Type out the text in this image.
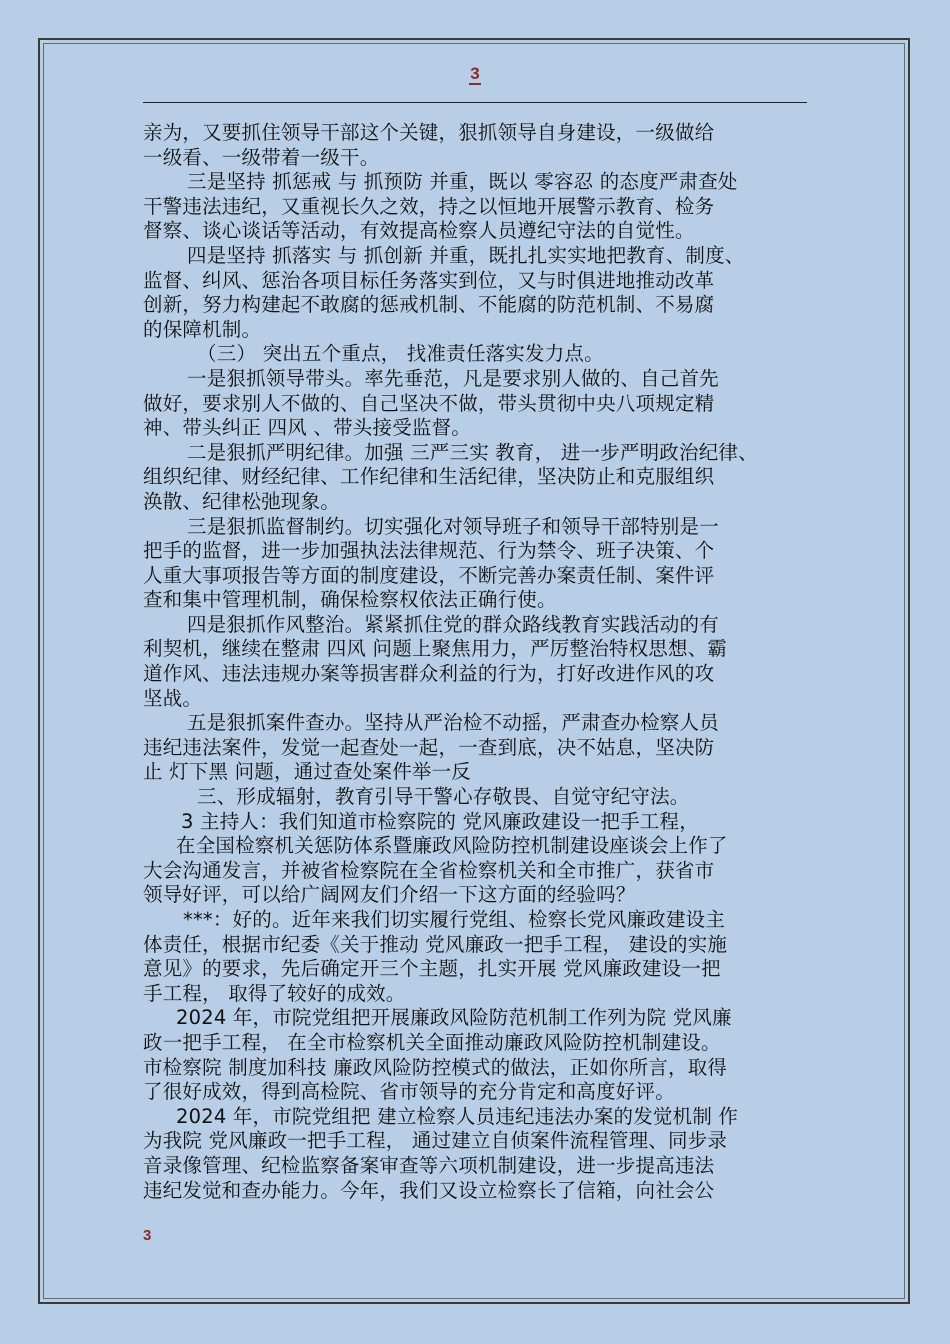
3

亲为，又要抓住领导干部这个关键，狠抓领导自身建设，一级做给

一级看、一级带着一级干。

三是坚持 抓惩戒 与 抓预防 并重，既以 零容忍 的态度严肃查处

干警违法违纪，又重视长久之效，持之以恒地开展警示教育、检务

督察、谈心谈话等活动，有效提高检察人员遵纪守法的自觉性。

四是坚持 抓落实 与 抓创新 并重，既扎扎实实地把教育、制度、

监督、纠风、惩治各项目标任务落实到位，又与时俱进地推动改革

创新，努力构建起不敢腐的惩戒机制、不能腐的防范机制、不易腐

的保障机制。

（三） 突出五个重点， 找准责任落实发力点。

一是狠抓领导带头。率先垂范，凡是要求别人做的、自己首先

做好，要求别人不做的、自己坚决不做，带头贯彻中央八项规定精

神、带头纠正 四风 、带头接受监督。

二是狠抓严明纪律。加强 三严三实 教育， 进一步严明政治纪律、

组织纪律、财经纪律、工作纪律和生活纪律，坚决防止和克服组织

涣散、纪律松弛现象。

三是狠抓监督制约。切实强化对领导班子和领导干部特别是一

把手的监督，进一步加强执法法律规范、行为禁令、班子决策、个

人重大事项报告等方面的制度建设，不断完善办案责任制、案件评

查和集中管理机制，确保检察权依法正确行使。

四是狠抓作风整治。紧紧抓住党的群众路线教育实践活动的有

利契机，继续在整肃 四风 问题上聚焦用力，严厉整治特权思想、霸

道作风、违法违规办案等损害群众利益的行为，打好改进作风的攻

坚战。

五是狠抓案件查办。坚持从严治检不动摇，严肃查办检察人员

违纪违法案件，发觉一起查处一起，一查到底，决不姑息，坚决防

止 灯下黑 问题，通过查处案件举一反

三、形成辐射，教育引导干警心存敬畏、自觉守纪守法。

3 主持人：我们知道市检察院的 党风廉政建设一把手工程，

在全国检察机关惩防体系暨廉政风险防控机制建设座谈会上作了

大会沟通发言，并被省检察院在全省检察机关和全市推广，获省市

领导好评，可以给广阔网友们介绍一下这方面的经验吗？

***：好的。近年来我们切实履行党组、检察长党风廉政建设主

体责任，根据市纪委《关于推动 党风廉政一把手工程， 建设的实施

意见》的要求，先后确定开三个主题，扎实开展 党风廉政建设一把

手工程， 取得了较好的成效。

2024 年，市院党组把开展廉政风险防范机制工作列为院 党风廉

政一把手工程， 在全市检察机关全面推动廉政风险防控机制建设。

市检察院 制度加科技 廉政风险防控模式的做法，正如你所言，取得

了很好成效，得到高检院、省市领导的充分肯定和高度好评。

2024 年，市院党组把 建立检察人员违纪违法办案的发觉机制 作

为我院 党风廉政一把手工程， 通过建立自侦案件流程管理、同步录

音录像管理、纪检监察备案审查等六项机制建设，进一步提高违法

违纪发觉和查办能力。今年，我们又设立检察长了信箱，向社会公

3
